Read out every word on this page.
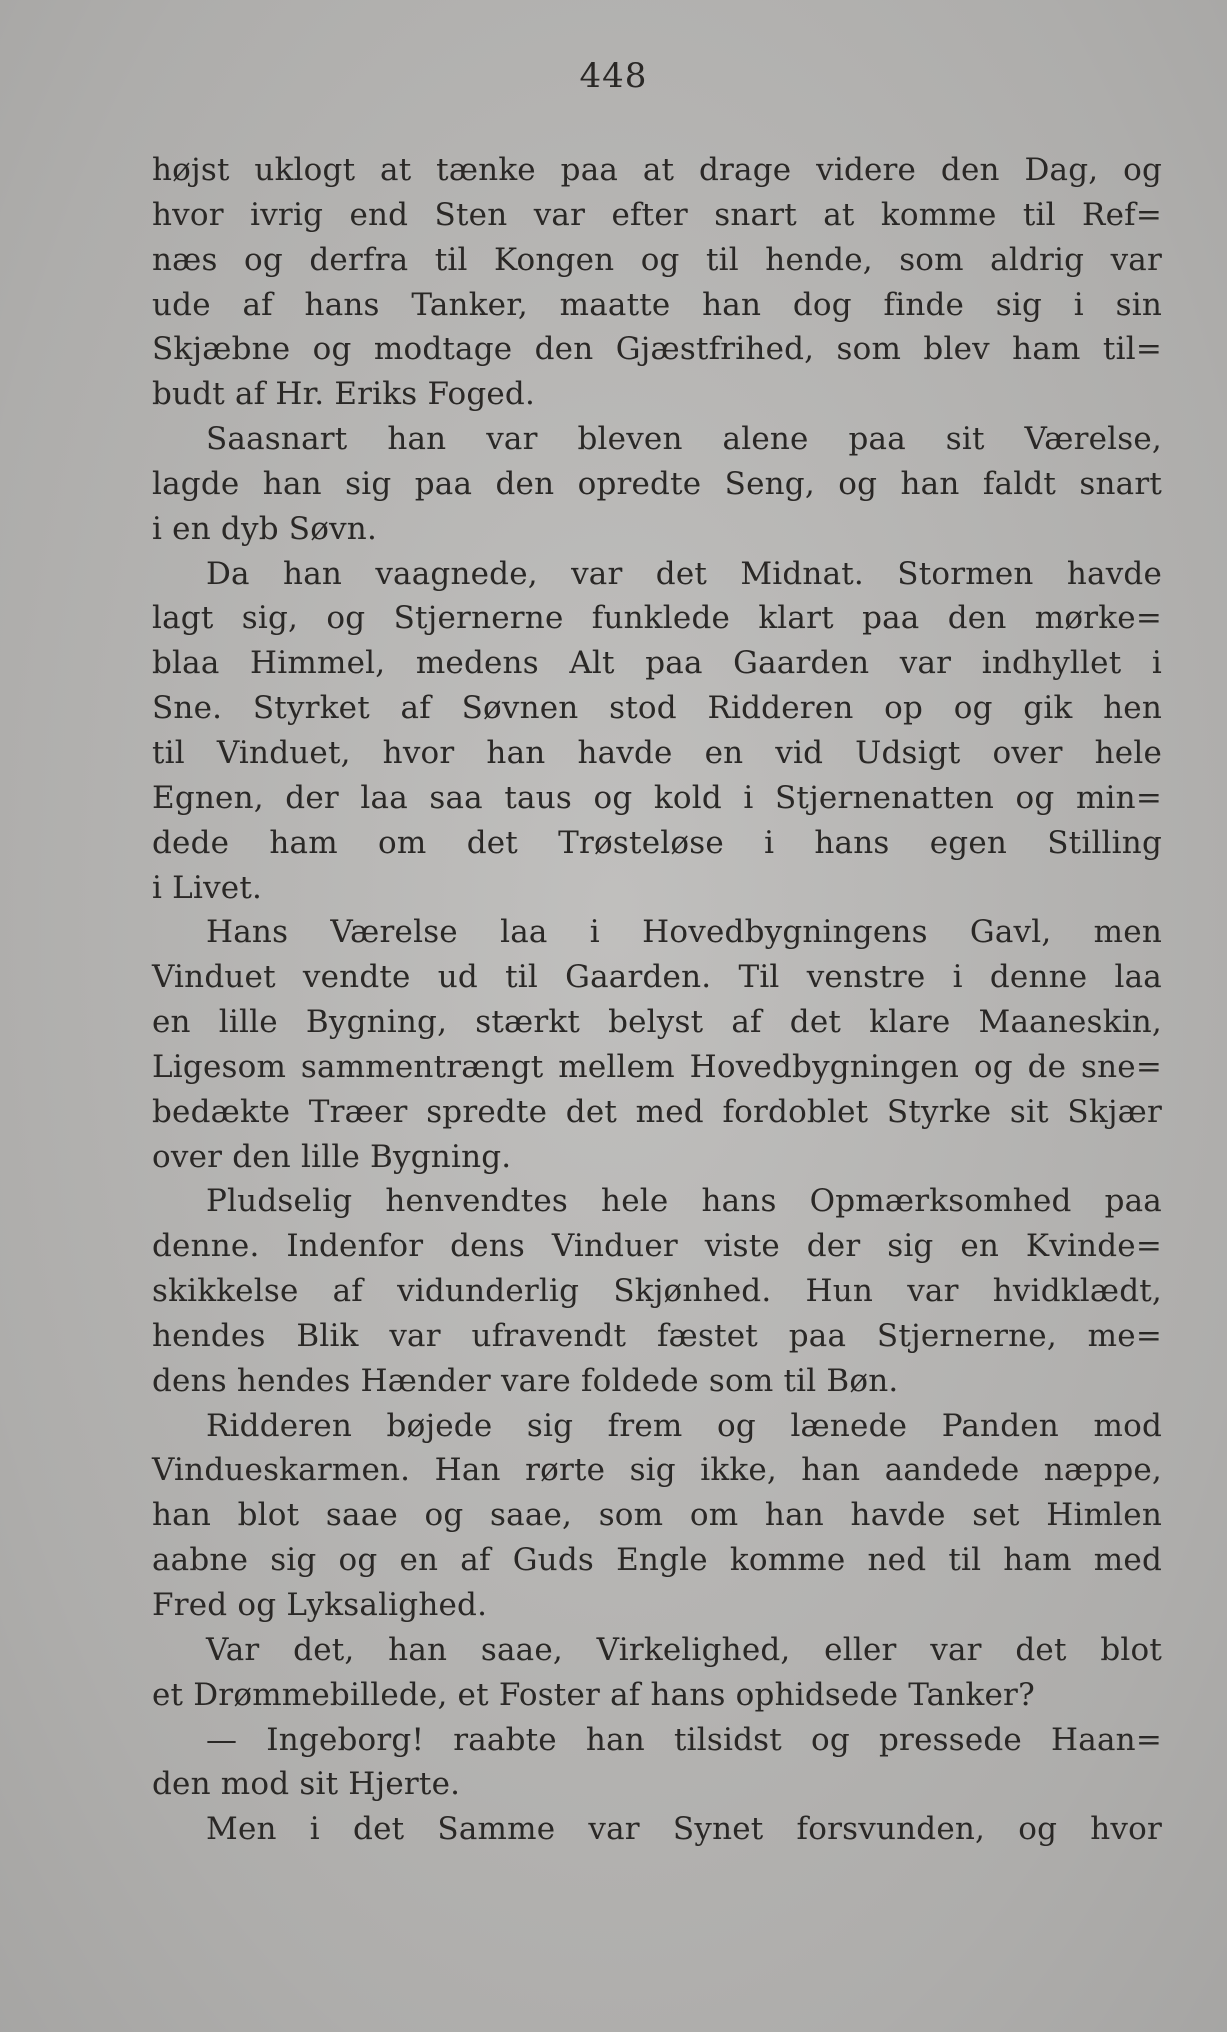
448
højst uklogt at tænke paa at drage videre den Dag, og
hvor ivrig end Sten var efter snart at komme til Ref=
næs og derfra til Kongen og til hende, som aldrig var
ude af hans Tanker, maatte han dog finde sig i sin
Skjæbne og modtage den Gjæstfrihed, som blev ham til=
budt af Hr. Eriks Foged.
Saasnart han var bleven alene paa sit Værelse,
lagde han sig paa den opredte Seng, og han faldt snart
i en dyb Søvn.
Da han vaagnede, var det Midnat. Stormen havde
lagt sig, og Stjernerne funklede klart paa den mørke=
blaa Himmel, medens Alt paa Gaarden var indhyllet i
Sne. Styrket af Søvnen stod Ridderen op og gik hen
til Vinduet, hvor han havde en vid Udsigt over hele
Egnen, der laa saa taus og kold i Stjernenatten og min=
dede ham om det Trøsteløse i hans egen Stilling
i Livet.
Hans Værelse laa i Hovedbygningens Gavl, men
Vinduet vendte ud til Gaarden. Til venstre i denne laa
en lille Bygning, stærkt belyst af det klare Maaneskin,
Ligesom sammentrængt mellem Hovedbygningen og de sne=
bedækte Træer spredte det med fordoblet Styrke sit Skjær
over den lille Bygning.
Pludselig henvendtes hele hans Opmærksomhed paa
denne. Indenfor dens Vinduer viste der sig en Kvinde=
skikkelse af vidunderlig Skjønhed. Hun var hvidklædt,
hendes Blik var ufravendt fæstet paa Stjernerne, me=
dens hendes Hænder vare foldede som til Bøn.
Ridderen bøjede sig frem og lænede Panden mod
Vindueskarmen. Han rørte sig ikke, han aandede næppe,
han blot saae og saae, som om han havde set Himlen
aabne sig og en af Guds Engle komme ned til ham med
Fred og Lyksalighed.
Var det, han saae, Virkelighed, eller var det blot
et Drømmebillede, et Foster af hans ophidsede Tanker?
— Ingeborg! raabte han tilsidst og pressede Haan=
den mod sit Hjerte.
Men i det Samme var Synet forsvunden, og hvor
